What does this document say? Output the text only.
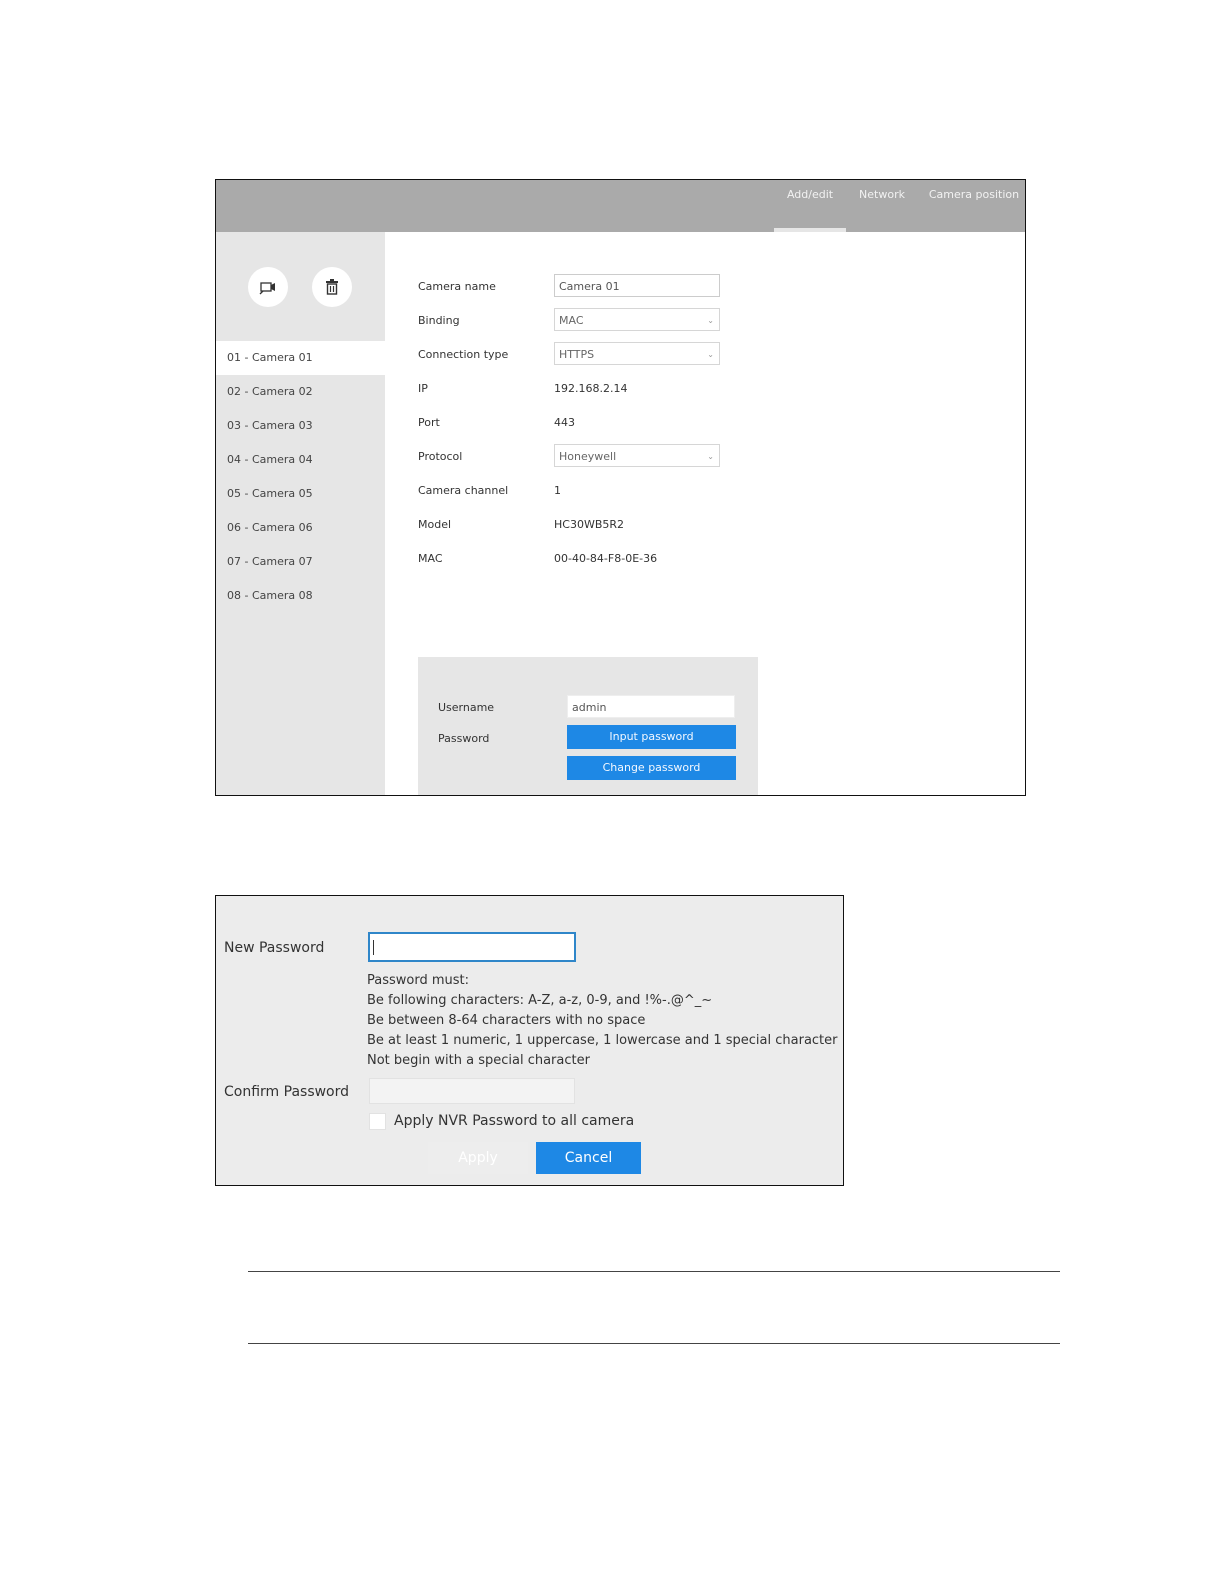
Add/edit	Network	Camera position
01 - Camera 01
02 - Camera 02
03 - Camera 03
04 - Camera 04
05 - Camera 05
06 - Camera 06
07 - Camera 07
08 - Camera 08
Camera name	Camera 01
Binding	MAC	⌄
Connection type	HTTPS	⌄
IP	192.168.2.14
Port	443
Protocol	Honeywell	⌄
Camera channel	1
Model	HC30WB5R2
MAC	00-40-84-F8-0E-36
Username	admin
Password	Input password
Change password
New Password
Password must:
Be following characters: A-Z, a-z, 0-9, and !%-.@^_~
Be between 8-64 characters with no space
Be at least 1 numeric, 1 uppercase, 1 lowercase and 1 special character
Not begin with a special character
Confirm Password
Apply NVR Password to all camera
Apply	Cancel
